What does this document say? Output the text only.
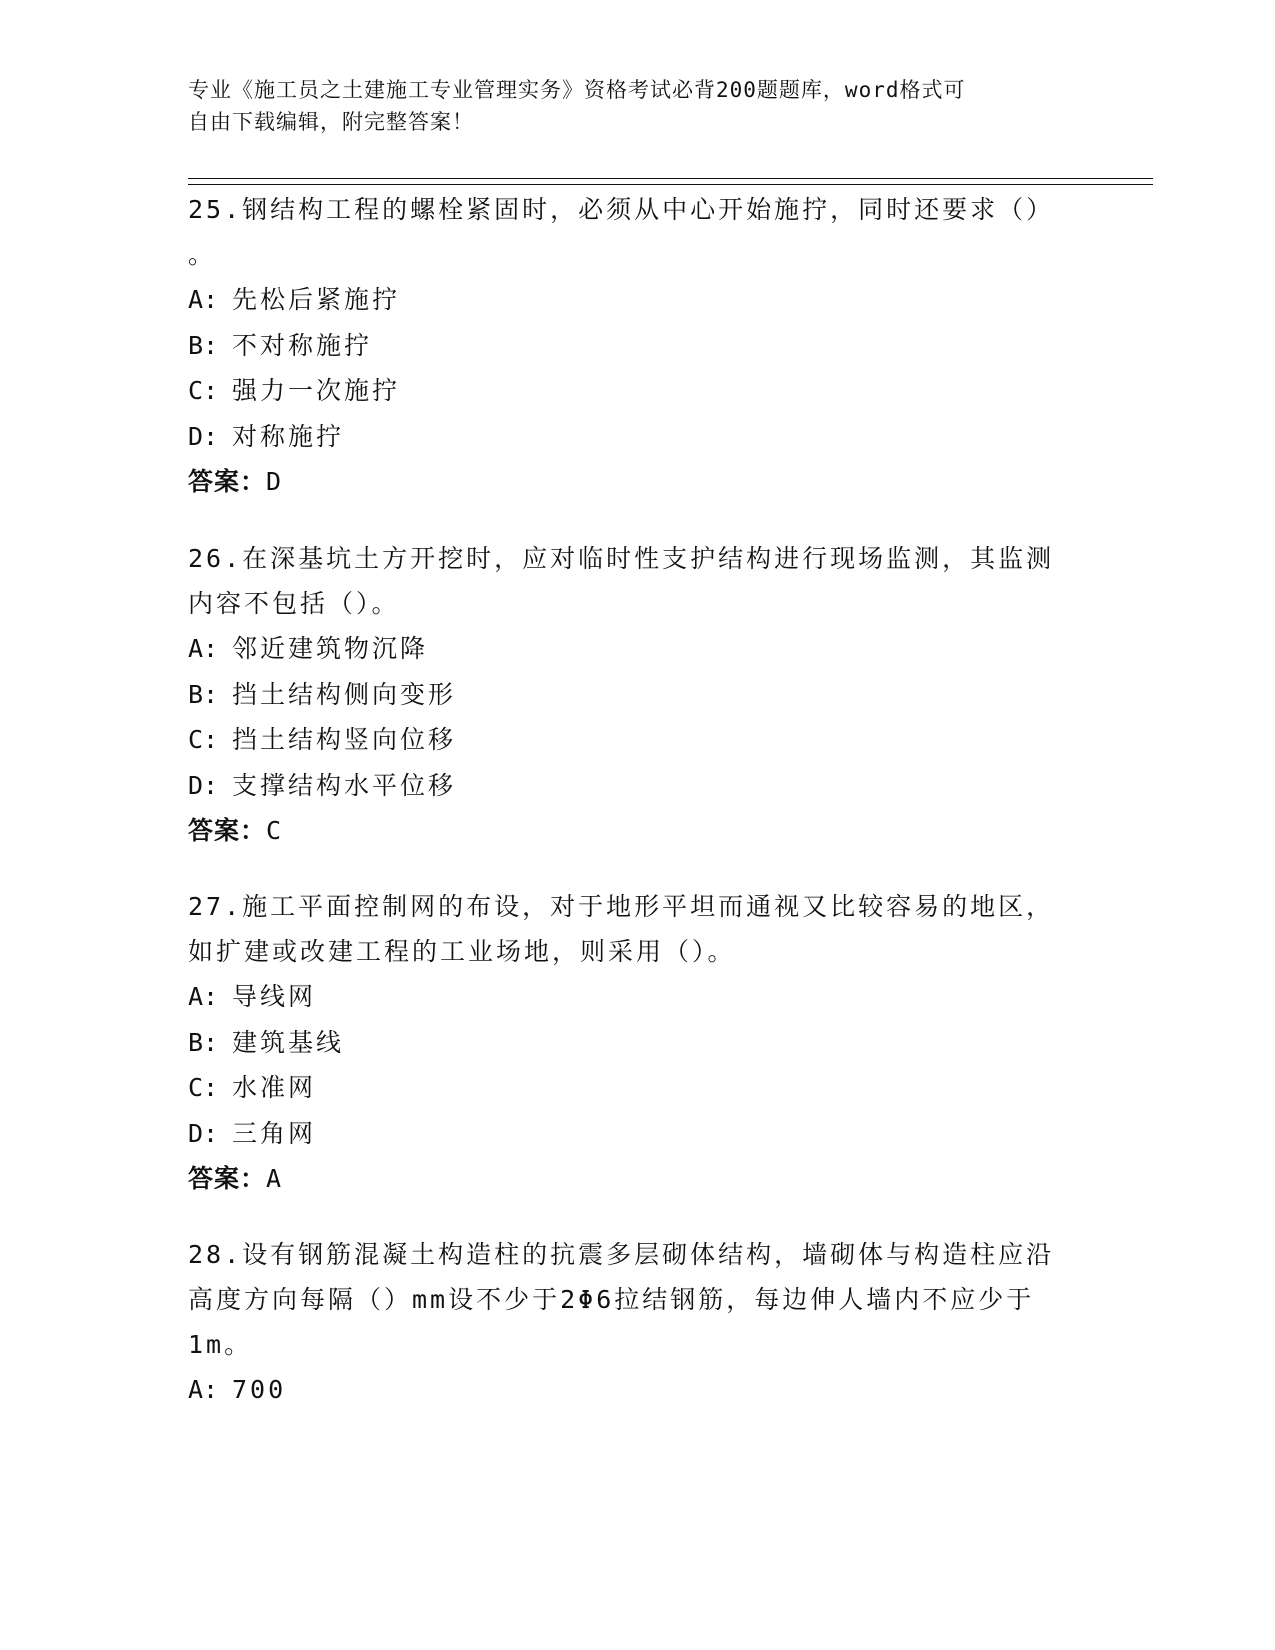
专业《施工员之土建施工专业管理实务》资格考试必背200题题库，word格式可
自由下载编辑，附完整答案！

25.钢结构工程的螺栓紧固时，必须从中心开始施拧，同时还要求（）

。

A: 先松后紧施拧

B: 不对称施拧

C: 强力一次施拧

D: 对称施拧

答案：D

26.在深基坑土方开挖时，应对临时性支护结构进行现场监测，其监测

内容不包括（）。

A: 邻近建筑物沉降

B: 挡土结构侧向变形

C: 挡土结构竖向位移

D: 支撑结构水平位移

答案：C

27.施工平面控制网的布设，对于地形平坦而通视又比较容易的地区，

如扩建或改建工程的工业场地，则采用（）。

A: 导线网

B: 建筑基线

C: 水准网

D: 三角网

答案：A

28.设有钢筋混凝土构造柱的抗震多层砌体结构，墙砌体与构造柱应沿

高度方向每隔（）mm设不少于2Φ6拉结钢筋，每边伸人墙内不应少于

1m。

A: 700
